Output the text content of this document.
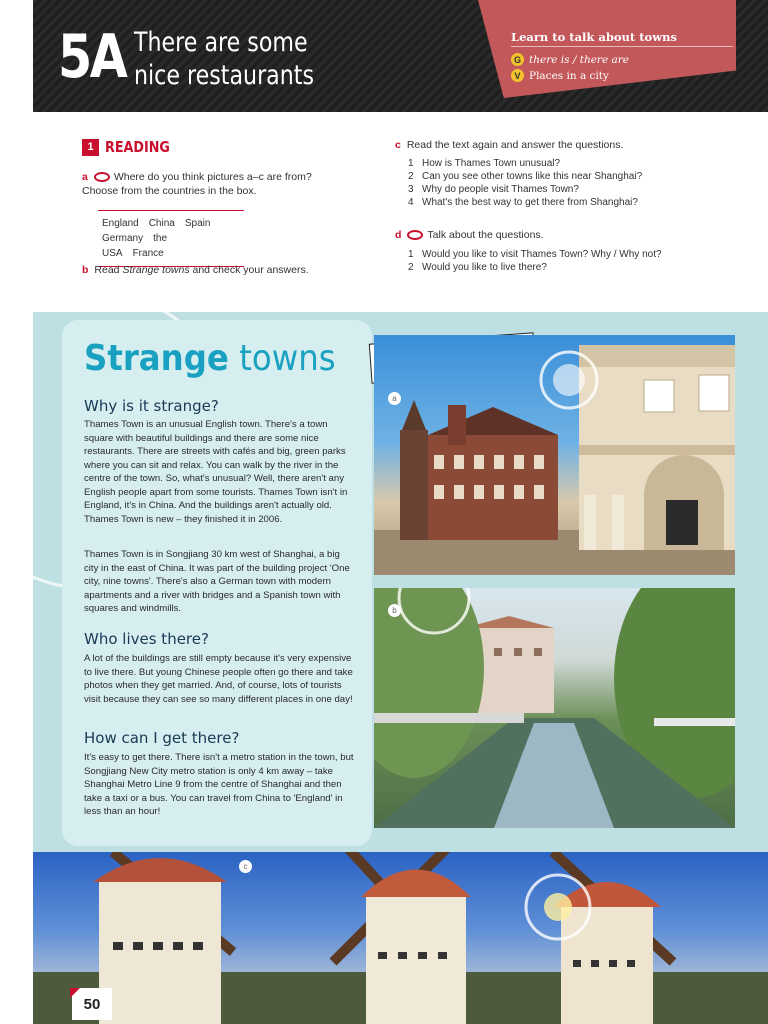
5A There are some
nice restaurants
Learn to talk about towns
G there is / there are
V Places in a city
1 READING
a Where do you think pictures a–c are from? Choose from the countries in the box.
England China Spain
Germany the USA France
b Read Strange towns and check your answers.
c Read the text again and answer the questions.
1 How is Thames Town unusual?
2 Can you see other towns like this near Shanghai?
3 Why do people visit Thames Town?
4 What's the best way to get there from Shanghai?
d Talk about the questions.
1 Would you like to visit Thames Town? Why / Why not?
2 Would you like to live there?
Strange towns
Why is it strange?

Thames Town is an unusual English town. There's a town square with beautiful buildings and there are some nice restaurants. There are streets with cafés and big, green parks where you can sit and relax. You can walk by the river in the centre of the town. So, what's unusual? Well, there aren't any English people apart from some tourists. Thames Town isn't in England, it's in China. And the buildings aren't actually old. Thames Town is new – they finished it in 2006.

Thames Town is in Songjiang 30 km west of Shanghai, a big city in the east of China. It was part of the building project 'One city, nine towns'. There's also a German town with modern apartments and a river with bridges and a Spanish town with squares and windmills.

Who lives there?

A lot of the buildings are still empty because it's very expensive to live there. But young Chinese people often go there and take photos when they get married. And, of course, lots of tourists visit because they can see so many different places in one day!

How can I get there?

It's easy to get there. There isn't a metro station in the town, but Songjiang New City metro station is only 4 km away – take Shanghai Metro Line 9 from the centre of Shanghai and then take a taxi or a bus. You can travel from China to 'England' in less than an hour!

a
b
c
50
